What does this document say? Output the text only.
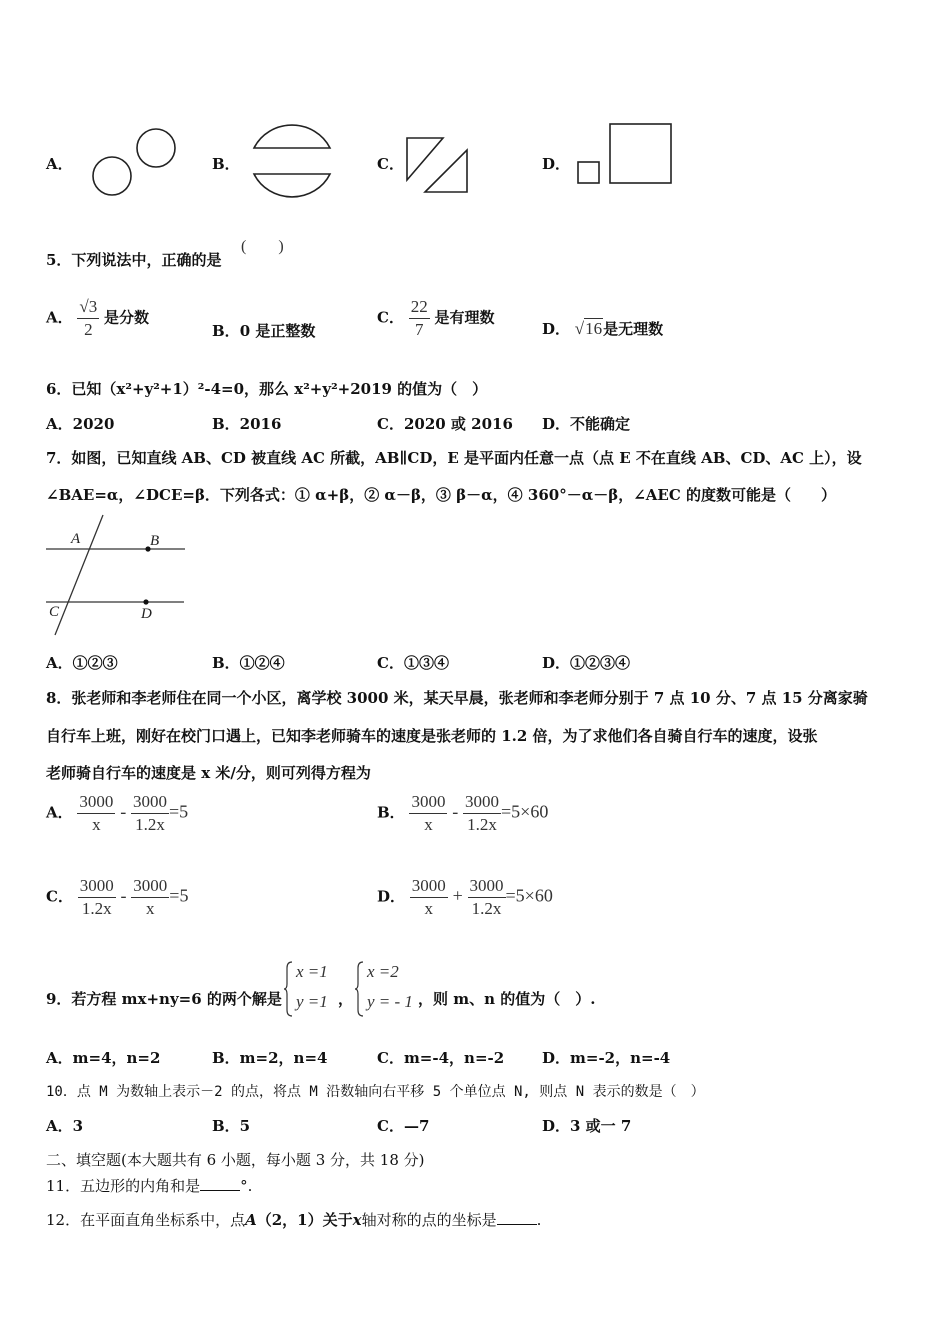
A．	B．	C．	D．
5．下列说法中，正确的是
(　　)
A． $\frac{√3}{2}$ 是分数
B．0 是正整数
C． $\frac{22}{7}$ 是有理数
D． √16是无理数
6．已知（x²+y²+1）²-4=0，那么 x²+y²+2019 的值为（　）
A．2020	B．2016	C．2020 或 2016 D．不能确定
7．如图，已知直线 AB、CD 被直线 AC 所截，AB∥CD，E 是平面内任意一点（点 E 不在直线 AB、CD、AC 上），设
∠BAE=α，∠DCE=β．下列各式：① α+β，② α－β，③ β－α，④ 360°－α－β，∠AEC 的度数可能是（　　）
A	B
C	D
A．①②③	B．①②④	C．①③④	D．①②③④
8．张老师和李老师住在同一个小区，离学校 3000 米，某天早晨，张老师和李老师分别于 7 点 10 分、7 点 15 分离家骑
自行车上班，刚好在校门口遇上，已知李老师骑车的速度是张老师的 1.2 倍，为了求他们各自骑自行车的速度，设张
老师骑自行车的速度是 x 米/分，则可列得方程为
A． $\frac{3000}{x} - \frac{3000}{1.2x} =5$	B． $\frac{3000}{x} - \frac{3000}{1.2x} =5\times 60$
C． $\frac{3000}{1.2x} - \frac{3000}{x} =5$	D． $\frac{3000}{x} + \frac{3000}{1.2x} =5\times 60$
9．若方程 mx+ny=6 的两个解是
x =1
y =1 ，
x =2
y = - 1 ，则 m、n 的值为（　）.
A．m=4，n=2	B．m=2，n=4	C．m=-4，n=-2	D．m=-2，n=-4
10．点 M 为数轴上表示－2 的点，将点 M 沿数轴向右平移 5 个单位点 N, 则点 N 表示的数是（　）
A．3	B．5	C．—7	D．3 或一 7
二、填空题(本大题共有 6 小题，每小题 3 分，共 18 分)
11．五边形的内角和是	°.
12．在平面直角坐标系中，点A（2，1）关于x轴对称的点的坐标是	.
